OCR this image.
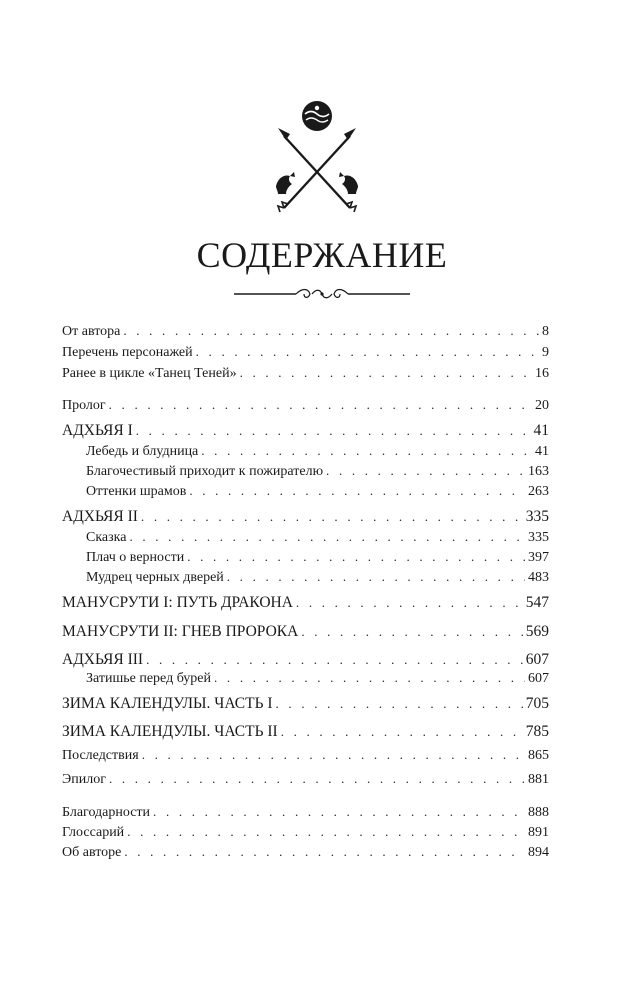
СОДЕРЖАНИЕ
От автора . . .	8
Перечень персонажей . . .	9
Ранее в цикле «Танец Теней» . . .	16
Пролог . . .	20
АДХЬЯЯ I . . .	41
Лебедь и блудница . . .	41
Благочестивый приходит к пожирателю . . .	163
Оттенки шрамов . . .	263
АДХЬЯЯ II . . .	335
Сказка . . .	335
Плач о верности . . .	397
Мудрец черных дверей . . .	483
МАНУСРУТИ I: ПУТЬ ДРАКОНА . . .	547
МАНУСРУТИ II: ГНЕВ ПРОРОКА . . .	569
АДХЬЯЯ III . . .	607
Затишье перед бурей . . .	607
ЗИМА КАЛЕНДУЛЫ. ЧАСТЬ I . . .	705
ЗИМА КАЛЕНДУЛЫ. ЧАСТЬ II . . .	785
Последствия . . .	865
Эпилог . . .	881
Благодарности . . .	888
Глоссарий . . .	891
Об авторе . . .	894
